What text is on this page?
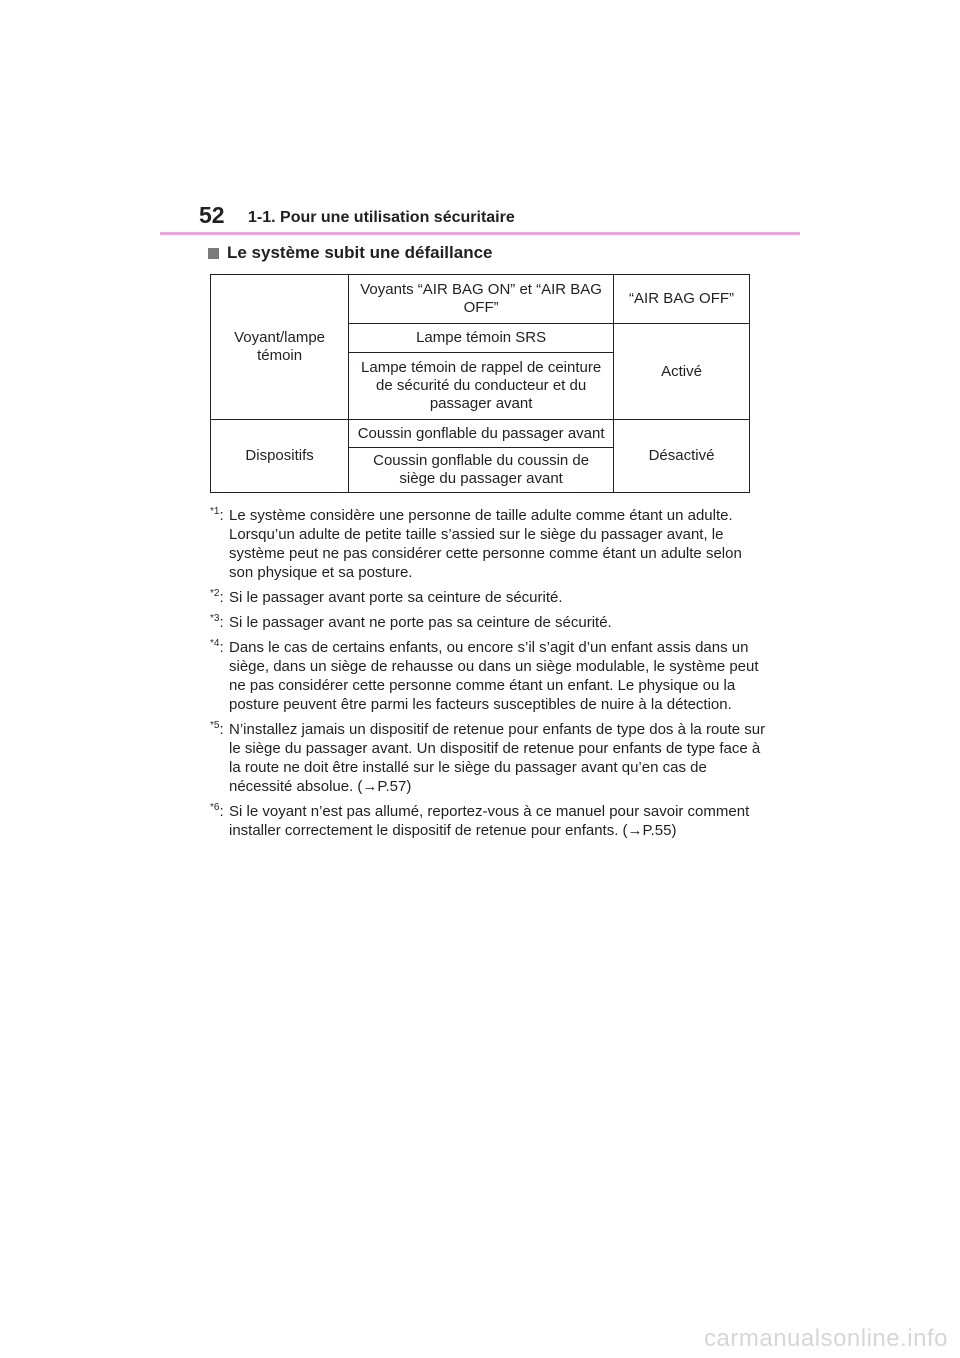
52 1-1. Pour une utilisation sécuritaire
Le système subit une défaillance
Voyant/lampe témoin	Voyants “AIR BAG ON” et “AIR BAG OFF”	“AIR BAG OFF”
	Lampe témoin SRS	Activé
	Lampe témoin de rappel de ceinture de sécurité du conducteur et du passager avant	
Dispositifs	Coussin gonflable du passager avant	Désactivé
	Coussin gonflable du coussin de siège du passager avant	
$^{*1}$: Le système considère une personne de taille adulte comme étant un adulte. Lorsqu’un adulte de petite taille s’assied sur le siège du passager avant, le système peut ne pas considérer cette personne comme étant un adulte selon son physique et sa posture.
$^{*2}$: Si le passager avant porte sa ceinture de sécurité.
$^{*3}$: Si le passager avant ne porte pas sa ceinture de sécurité.
$^{*4}$: Dans le cas de certains enfants, ou encore s’il s’agit d’un enfant assis dans un siège, dans un siège de rehausse ou dans un siège modulable, le système peut ne pas considérer cette personne comme étant un enfant. Le physique ou la posture peuvent être parmi les facteurs susceptibles de nuire à la détection.
$^{*5}$: N’installez jamais un dispositif de retenue pour enfants de type dos à la route sur le siège du passager avant. Un dispositif de retenue pour enfants de type face à la route ne doit être installé sur le siège du passager avant qu’en cas de nécessité absolue. (→P.57)
$^{*6}$: Si le voyant n’est pas allumé, reportez-vous à ce manuel pour savoir comment installer correctement le dispositif de retenue pour enfants. (→P.55)
carmanualsonline.info
